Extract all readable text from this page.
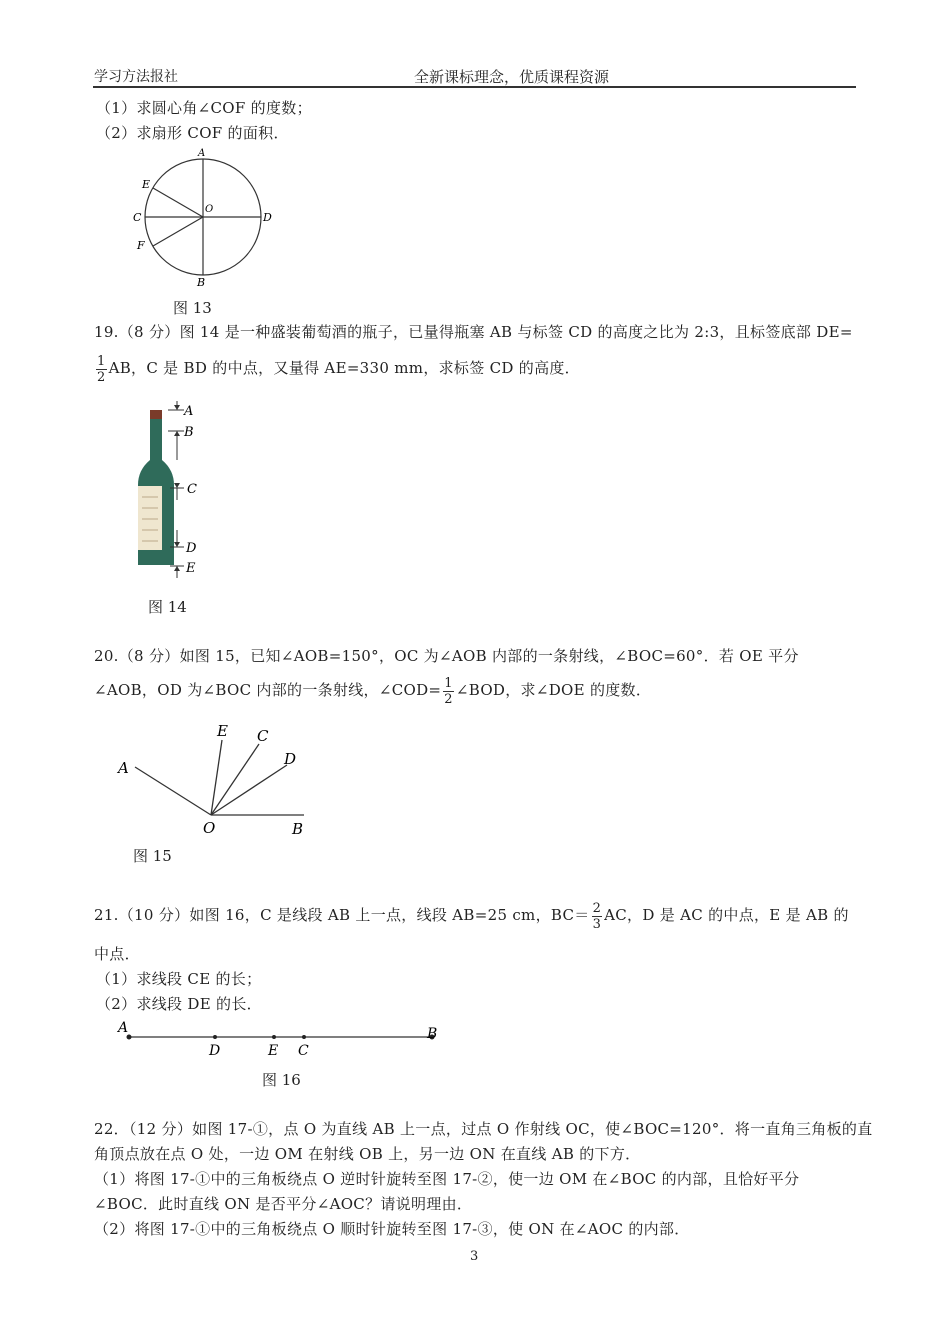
学习方法报社	全新课标理念，优质课程资源
（1）求圆心角∠COF 的度数；
（2）求扇形 COF 的面积．
A
B
C	D
E
F
O
图 13
19.（8 分）图 14 是一种盛装葡萄酒的瓶子，已量得瓶塞 AB 与标签 CD 的高度之比为 2:3，且标签底部 DE=
$\frac{1}{2}$ AB，C 是 BD 的中点，又量得 AE=330 mm，求标签 CD 的高度．
A
B
C
D
E
图 14
20.（8 分）如图 15，已知∠AOB=150°，OC 为∠AOB 内部的一条射线，∠BOC=60°．若 OE 平分
∠AOB，OD 为∠BOC 内部的一条射线，∠COD= $\frac{1}{2}$ ∠BOD，求∠DOE 的度数．
A
O	B
E C
D
图 15
21.（10 分）如图 16，C 是线段 AB 上一点，线段 AB=25 cm，$BC= \frac{2}{3}$ AC，D 是 AC 的中点，E 是 AB 的
中点．
（1）求线段 CE 的长；
（2）求线段 DE 的长．
A
D	E C
B
图 16
22．（12 分）如图 17-①，点 O 为直线 AB 上一点，过点 O 作射线 OC，使∠BOC=120°．将一直角三角板的直
角顶点放在点 O 处，一边 OM 在射线 OB 上，另一边 ON 在直线 AB 的下方．
（1）将图 17-①中的三角板绕点 O 逆时针旋转至图 17-②，使一边 OM 在∠BOC 的内部，且恰好平分
∠BOC．此时直线 ON 是否平分∠AOC？请说明理由．
（2）将图 17-①中的三角板绕点 O 顺时针旋转至图 17-③，使 ON 在∠AOC 的内部．
3
